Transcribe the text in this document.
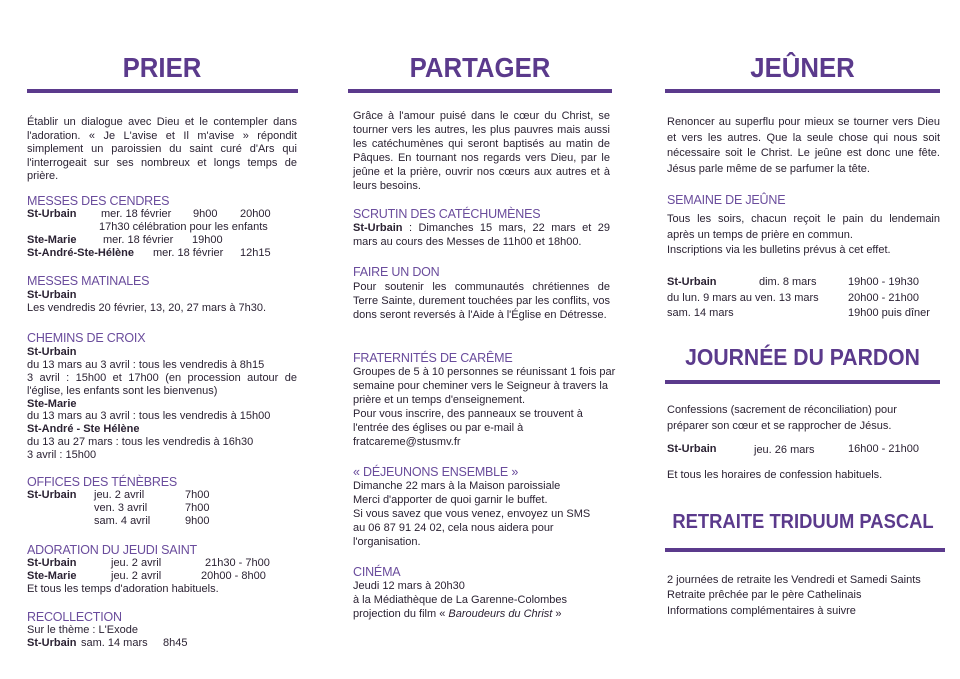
PRIER
Établir un dialogue avec Dieu et le contempler dans l'adoration. « Je L'avise et Il m'avise » répondit simplement un paroissien du saint curé d'Ars qui l'interrogeait sur ses nombreux et longs temps de prière.
MESSES DES CENDRES
St-Urbain mer. 18 février 9h00 20h00
17h30 célébration pour les enfants
Ste-Marie mer. 18 février 19h00
St-André-Ste-Hélène mer. 18 février 12h15
MESSES MATINALES
St-Urbain
Les vendredis 20 février, 13, 20, 27 mars à 7h30.
CHEMINS DE CROIX
St-Urbain
du 13 mars au 3 avril : tous les vendredis à 8h15
3 avril : 15h00 et 17h00 (en procession autour de l'église, les enfants sont les bienvenus)
Ste-Marie
du 13 mars au 3 avril : tous les vendredis à 15h00
St-André - Ste Hélène
du 13 au 27 mars : tous les vendredis à 16h30
3 avril : 15h00
OFFICES DES TÉNÈBRES
St-Urbain jeu. 2 avril	7h00
ven. 3 avril	7h00
sam. 4 avril	9h00
ADORATION DU JEUDI SAINT
St-Urbain	jeu. 2 avril	21h30 - 7h00
Ste-Marie	jeu. 2 avril	20h00 - 8h00
Et tous les temps d'adoration habituels.
RECOLLECTION
Sur le thème : L'Exode
St-Urbain sam. 14 mars 8h45
PARTAGER
Grâce à l'amour puisé dans le cœur du Christ, se tourner vers les autres, les plus pauvres mais aussi les catéchumènes qui seront baptisés au matin de Pâques. En tournant nos regards vers Dieu, par le jeûne et la prière, ouvrir nos cœurs aux autres et à leurs besoins.
SCRUTIN DES CATÉCHUMÈNES
St-Urbain : Dimanches 15 mars, 22 mars et 29 mars au cours des Messes de 11h00 et 18h00.
FAIRE UN DON
Pour soutenir les communautés chrétiennes de Terre Sainte, durement touchées par les conflits, vos dons seront reversés à l'Aide à l'Église en Détresse.
FRATERNITÉS DE CARÊME
Groupes de 5 à 10 personnes se réunissant 1 fois par
semaine pour cheminer vers le Seigneur à travers la
prière et un temps d'enseignement.
Pour vous inscrire, des panneaux se trouvent à
l'entrée des églises ou par e-mail à
fratcareme@stusmv.fr
« DÉJEUNONS ENSEMBLE »
Dimanche 22 mars à la Maison paroissiale
Merci d'apporter de quoi garnir le buffet.
Si vous savez que vous venez, envoyez un SMS
au 06 87 91 24 02, cela nous aidera pour
l'organisation.
CINÉMA
Jeudi 12 mars à 20h30
à la Médiathèque de La Garenne-Colombes
projection du film « Baroudeurs du Christ »
JEÛNER
Renoncer au superflu pour mieux se tourner vers Dieu et vers les autres. Que la seule chose qui nous soit nécessaire soit le Christ. Le jeûne est donc une fête. Jésus parle même de se parfumer la tête.
SEMAINE DE JEÛNE
Tous les soirs, chacun reçoit le pain du lendemain après un temps de prière en commun.
Inscriptions via les bulletins prévus à cet effet.
St-Urbain	dim. 8 mars	19h00 - 19h30
du lun. 9 mars au ven. 13 mars	20h00 - 21h00
sam. 14 mars	19h00 puis dîner
JOURNÉE DU PARDON
Confessions (sacrement de réconciliation) pour
préparer son cœur et se rapprocher de Jésus.
St-Urbain	jeu. 26 mars	16h00 - 21h00
Et tous les horaires de confession habituels.
RETRAITE TRIDUUM PASCAL
2 journées de retraite les Vendredi et Samedi Saints
Retraite prêchée par le père Cathelinais
Informations complémentaires à suivre
